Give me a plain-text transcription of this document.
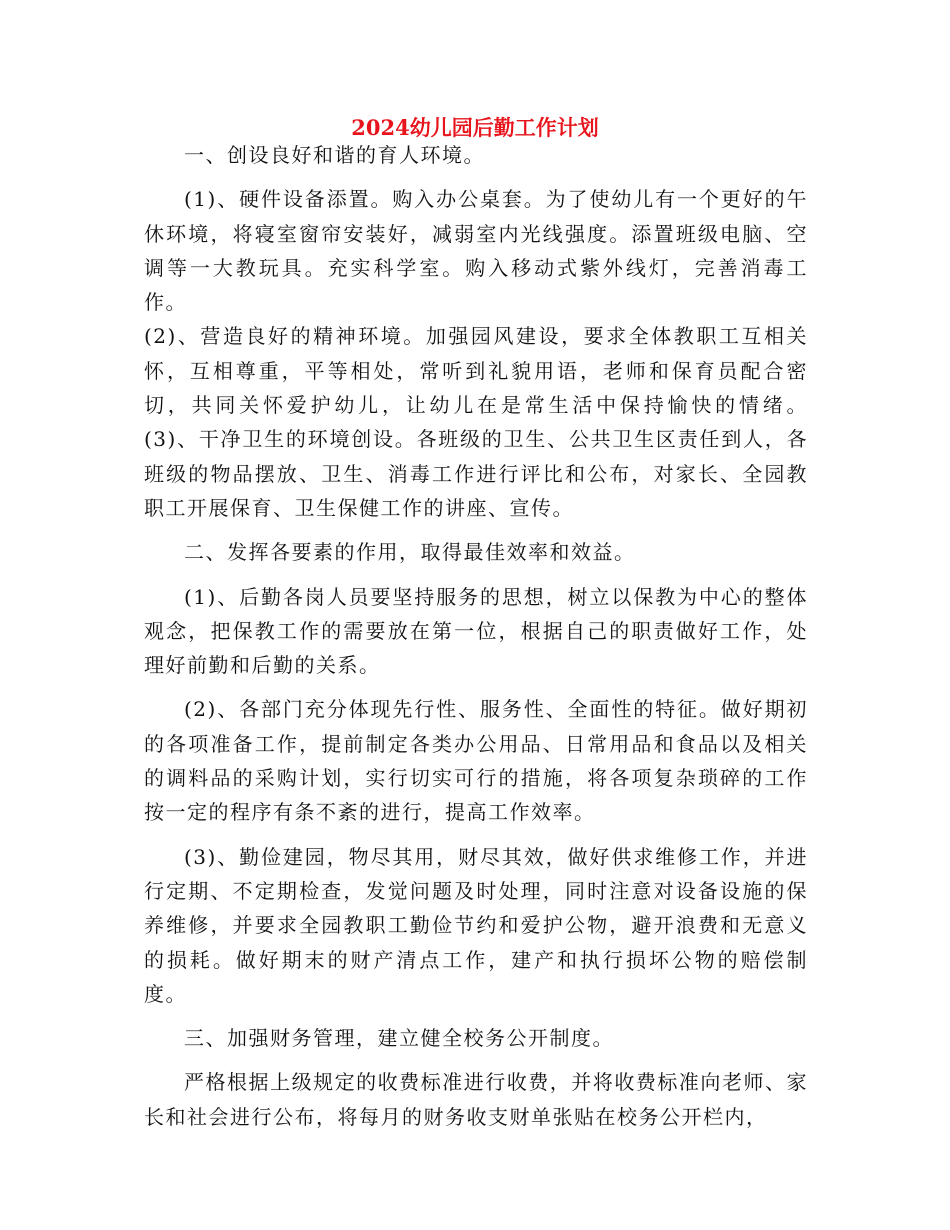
2024幼儿园后勤工作计划

一、创设良好和谐的育人环境。

(1)、硬件设备添置。购入办公桌套。为了使幼儿有一个更好的午休环境，将寝室窗帘安装好，减弱室内光线强度。添置班级电脑、空调等一大教玩具。充实科学室。购入移动式紫外线灯，完善消毒工作。

(2)、营造良好的精神环境。加强园风建设，要求全体教职工互相关怀，互相尊重，平等相处，常听到礼貌用语，老师和保育员配合密切，共同关怀爱护幼儿，让幼儿在是常生活中保持愉快的情绪。 (3)、干净卫生的环境创设。各班级的卫生、公共卫生区责任到人，各班级的物品摆放、卫生、消毒工作进行评比和公布，对家长、全园教职工开展保育、卫生保健工作的讲座、宣传。

二、发挥各要素的作用，取得最佳效率和效益。

(1)、后勤各岗人员要坚持服务的思想，树立以保教为中心的整体观念，把保教工作的需要放在第一位，根据自己的职责做好工作，处理好前勤和后勤的关系。

(2)、各部门充分体现先行性、服务性、全面性的特征。做好期初的各项准备工作，提前制定各类办公用品、日常用品和食品以及相关的调料品的采购计划，实行切实可行的措施，将各项复杂琐碎的工作按一定的程序有条不紊的进行，提高工作效率。

(3)、勤俭建园，物尽其用，财尽其效，做好供求维修工作，并进行定期、不定期检查，发觉问题及时处理，同时注意对设备设施的保养维修，并要求全园教职工勤俭节约和爱护公物，避开浪费和无意义的损耗。做好期末的财产清点工作，建产和执行损坏公物的赔偿制度。

三、加强财务管理，建立健全校务公开制度。

严格根据上级规定的收费标准进行收费，并将收费标准向老师、家长和社会进行公布，将每月的财务收支财单张贴在校务公开栏内，
